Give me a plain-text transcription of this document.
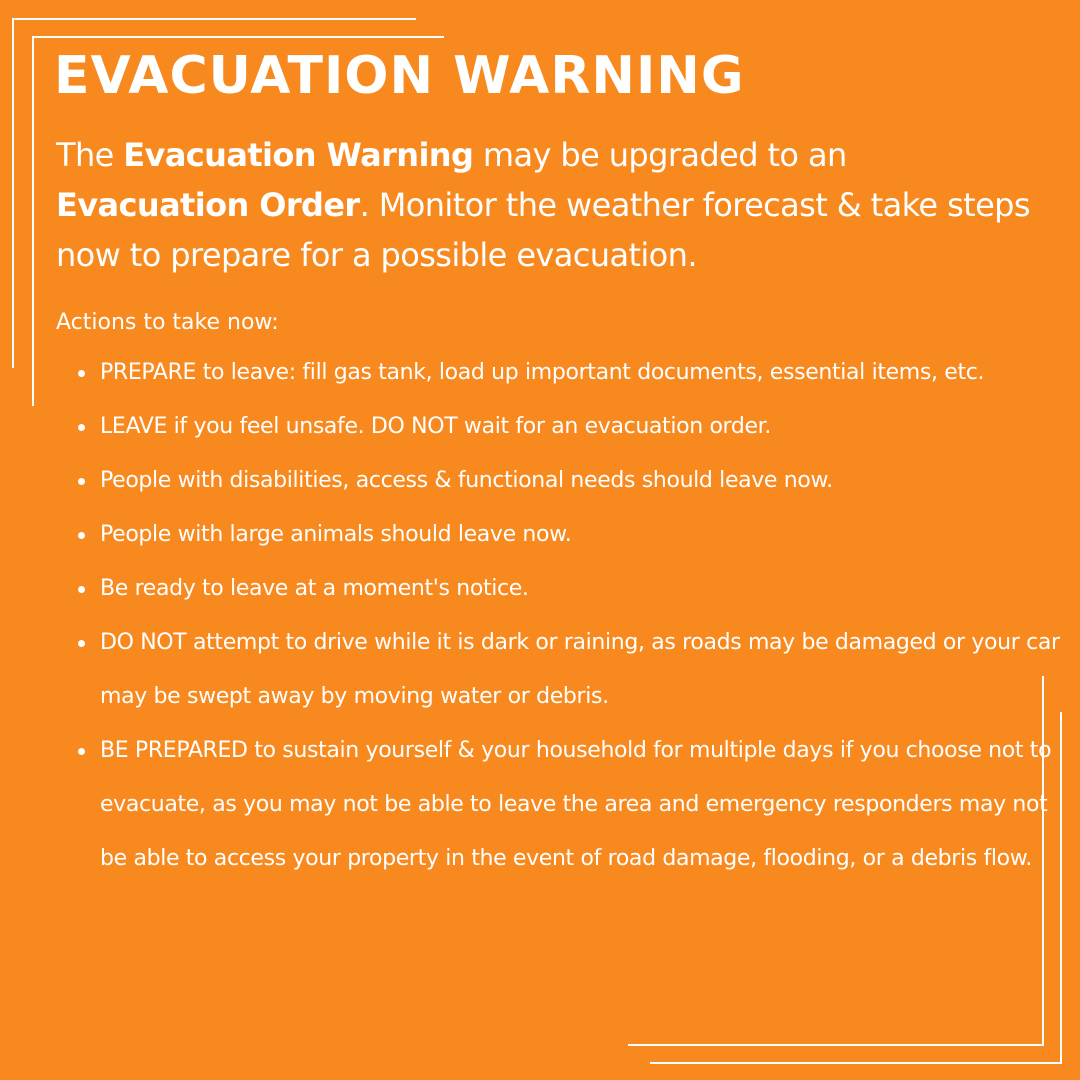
EVACUATION WARNING

The Evacuation Warning may be upgraded to an Evacuation Order. Monitor the weather forecast & take steps now to prepare for a possible evacuation.

Actions to take now:

PREPARE to leave: fill gas tank, load up important documents, essential items, etc.
LEAVE if you feel unsafe. DO NOT wait for an evacuation order.
People with disabilities, access & functional needs should leave now.
People with large animals should leave now.
Be ready to leave at a moment's notice.
DO NOT attempt to drive while it is dark or raining, as roads may be damaged or your car may be swept away by moving water or debris.
BE PREPARED to sustain yourself & your household for multiple days if you choose not to evacuate, as you may not be able to leave the area and emergency responders may not be able to access your property in the event of road damage, flooding, or a debris flow.
